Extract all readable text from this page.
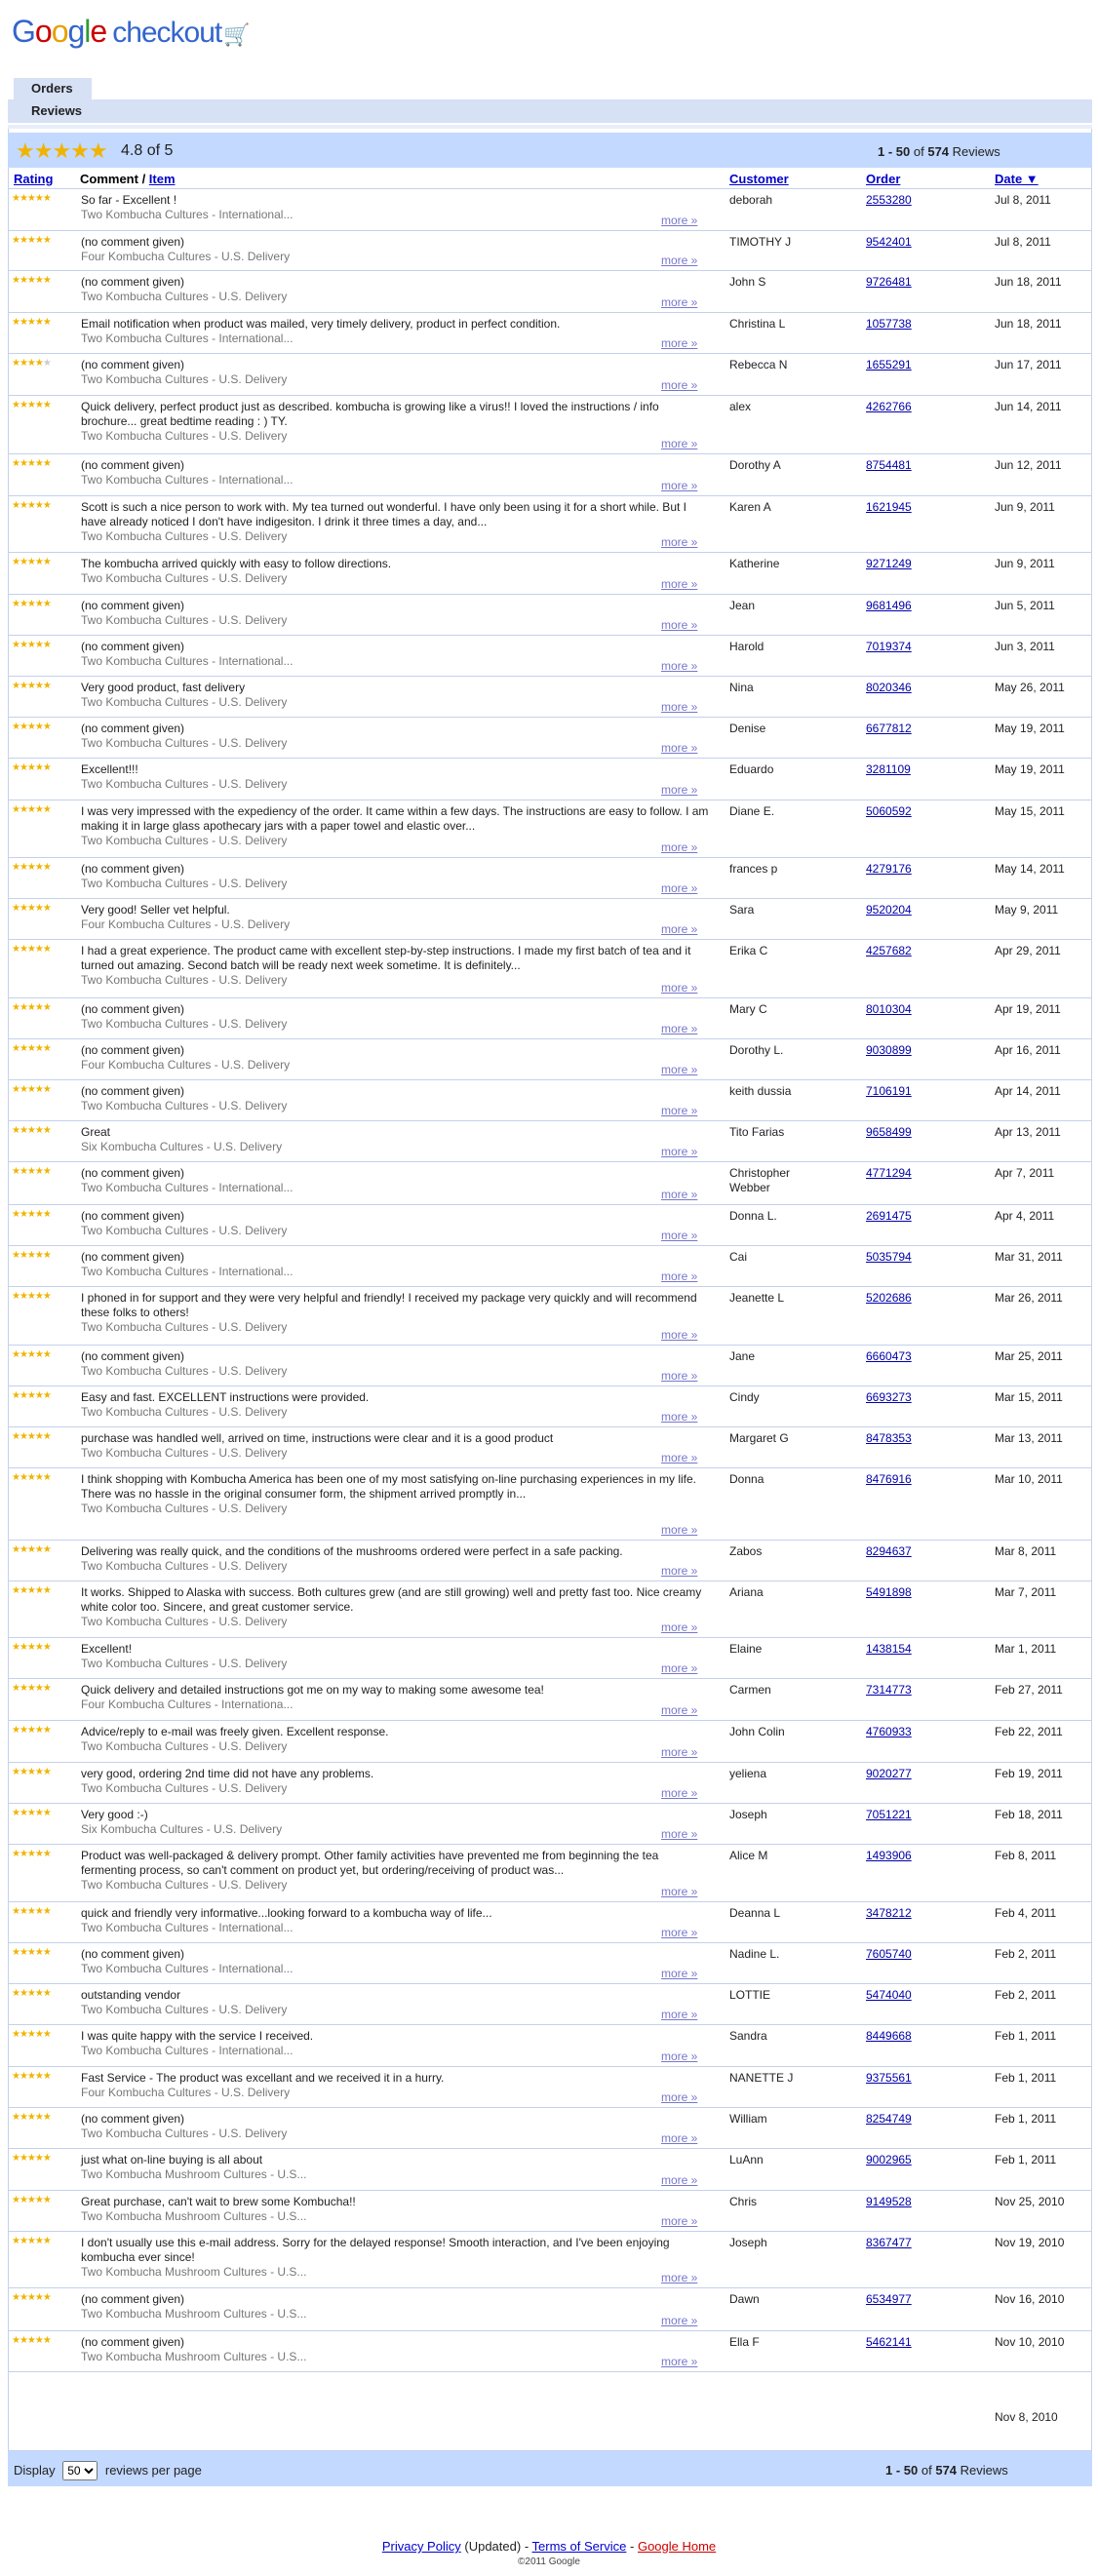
Google checkout🛒
Orders
Reviews
★★★★★ 4.8 of 5	1 - 50 of 574 Reviews
Rating Comment / Item	Customer	Order	Date ▼
★★★★★	So far - Excellent !
Two Kombucha Cultures - International...	more »
deborah	2553280	Jul 8, 2011
★★★★★	(no comment given)
Four Kombucha Cultures - U.S. Delivery	more »
TIMOTHY J	9542401	Jul 8, 2011
★★★★★	(no comment given)
Two Kombucha Cultures - U.S. Delivery	more »
John S	9726481	Jun 18, 2011
★★★★★	Email notification when product was mailed, very timely delivery, product in perfect condition.
Two Kombucha Cultures - International...	more »
Christina L	1057738	Jun 18, 2011
★★★★★	(no comment given)
Two Kombucha Cultures - U.S. Delivery	more »
Rebecca N	1655291	Jun 17, 2011
★★★★★	Quick delivery, perfect product just as described. kombucha is growing like a virus!! I loved the instructions / info brochure... great bedtime reading : ) TY.
Two Kombucha Cultures - U.S. Delivery
more »
alex	4262766	Jun 14, 2011
★★★★★	(no comment given)
Two Kombucha Cultures - International...	more »
Dorothy A	8754481	Jun 12, 2011
★★★★★	Scott is such a nice person to work with. My tea turned out wonderful. I have only been using it for a short while. But I have already noticed I don't have indigesiton. I drink it three times a day, and...
Two Kombucha Cultures - U.S. Delivery	more »
Karen A	1621945	Jun 9, 2011
★★★★★	The kombucha arrived quickly with easy to follow directions.
Two Kombucha Cultures - U.S. Delivery	more »
Katherine	9271249	Jun 9, 2011
★★★★★	(no comment given)
Two Kombucha Cultures - U.S. Delivery	more »
Jean	9681496	Jun 5, 2011
★★★★★	(no comment given)
Two Kombucha Cultures - International...	more »
Harold	7019374	Jun 3, 2011
★★★★★	Very good product, fast delivery
Two Kombucha Cultures - U.S. Delivery	more »
Nina	8020346	May 26, 2011
★★★★★	(no comment given)
Two Kombucha Cultures - U.S. Delivery	more »
Denise	6677812	May 19, 2011
★★★★★	Excellent!!!
Two Kombucha Cultures - U.S. Delivery	more »
Eduardo	3281109	May 19, 2011
★★★★★	I was very impressed with the expediency of the order. It came within a few days. The instructions are easy to follow. I am making it in large glass apothecary jars with a paper towel and elastic over...
Two Kombucha Cultures - U.S. Delivery	more »
Diane E.	5060592	May 15, 2011
★★★★★	(no comment given)
Two Kombucha Cultures - U.S. Delivery	more »
frances p	4279176	May 14, 2011
★★★★★	Very good! Seller vet helpful.
Four Kombucha Cultures - U.S. Delivery	more »
Sara	9520204	May 9, 2011
★★★★★	I had a great experience. The product came with excellent step-by-step instructions. I made my first batch of tea and it turned out amazing. Second batch will be ready next week sometime. It is definitely...
Two Kombucha Cultures - U.S. Delivery
more »
Erika C	4257682	Apr 29, 2011
★★★★★	(no comment given)
Two Kombucha Cultures - U.S. Delivery	more »
Mary C	8010304	Apr 19, 2011
★★★★★	(no comment given)
Four Kombucha Cultures - U.S. Delivery	more »
Dorothy L.	9030899	Apr 16, 2011
★★★★★	(no comment given)
Two Kombucha Cultures - U.S. Delivery	more »
keith dussia	7106191	Apr 14, 2011
★★★★★	Great
Six Kombucha Cultures - U.S. Delivery	more »
Tito Farias	9658499	Apr 13, 2011
★★★★★	(no comment given)
Two Kombucha Cultures - International...	more »
Christopher Webber
4771294	Apr 7, 2011
★★★★★	(no comment given)
Two Kombucha Cultures - U.S. Delivery	more »
Donna L.	2691475	Apr 4, 2011
★★★★★	(no comment given)
Two Kombucha Cultures - International...	more »
Cai	5035794	Mar 31, 2011
★★★★★	I phoned in for support and they were very helpful and friendly! I received my package very quickly and will recommend these folks to others!
Two Kombucha Cultures - U.S. Delivery
more »
Jeanette L	5202686	Mar 26, 2011
★★★★★	(no comment given)
Two Kombucha Cultures - U.S. Delivery	more »
Jane	6660473	Mar 25, 2011
★★★★★	Easy and fast. EXCELLENT instructions were provided.
Two Kombucha Cultures - U.S. Delivery	more »
Cindy	6693273	Mar 15, 2011
★★★★★	purchase was handled well, arrived on time, instructions were clear and it is a good product
Two Kombucha Cultures - U.S. Delivery	more »
Margaret G	8478353	Mar 13, 2011
★★★★★	I think shopping with Kombucha America has been one of my most satisfying on-line purchasing experiences in my life. There was no hassle in the original consumer form, the shipment arrived promptly in...
Two Kombucha Cultures - U.S. Delivery
more »
Donna	8476916	Mar 10, 2011
★★★★★	Delivering was really quick, and the conditions of the mushrooms ordered were perfect in a safe packing.
Two Kombucha Cultures - U.S. Delivery	more »
Zabos	8294637	Mar 8, 2011
★★★★★	It works. Shipped to Alaska with success. Both cultures grew (and are still growing) well and pretty fast too. Nice creamy white color too. Sincere, and great customer service.
Two Kombucha Cultures - U.S. Delivery	more »
Ariana	5491898	Mar 7, 2011
★★★★★	Excellent!
Two Kombucha Cultures - U.S. Delivery	more »
Elaine	1438154	Mar 1, 2011
★★★★★	Quick delivery and detailed instructions got me on my way to making some awesome tea!
Four Kombucha Cultures - Internationa...	more »
Carmen	7314773	Feb 27, 2011
★★★★★	Advice/reply to e-mail was freely given. Excellent response.
Two Kombucha Cultures - U.S. Delivery	more »
John Colin	4760933	Feb 22, 2011
★★★★★	very good, ordering 2nd time did not have any problems.
Two Kombucha Cultures - U.S. Delivery	more »
yeliena	9020277	Feb 19, 2011
★★★★★	Very good :-)
Six Kombucha Cultures - U.S. Delivery	more »
Joseph	7051221	Feb 18, 2011
★★★★★	Product was well-packaged & delivery prompt. Other family activities have prevented me from beginning the tea fermenting process, so can't comment on product yet, but ordering/receiving of product was...
Two Kombucha Cultures - U.S. Delivery	more »
Alice M	1493906	Feb 8, 2011
★★★★★	quick and friendly very informative...looking forward to a kombucha way of life...
Two Kombucha Cultures - International...	more »
Deanna L	3478212	Feb 4, 2011
★★★★★	(no comment given)
Two Kombucha Cultures - International...	more »
Nadine L.	7605740	Feb 2, 2011
★★★★★	outstanding vendor
Two Kombucha Cultures - U.S. Delivery	more »
LOTTIE	5474040	Feb 2, 2011
★★★★★	I was quite happy with the service I received.
Two Kombucha Cultures - International...	more »
Sandra	8449668	Feb 1, 2011
★★★★★	Fast Service - The product was excellant and we received it in a hurry.
Four Kombucha Cultures - U.S. Delivery	more »
NANETTE J	9375561	Feb 1, 2011
★★★★★	(no comment given)
Two Kombucha Cultures - U.S. Delivery	more »
William	8254749	Feb 1, 2011
★★★★★	just what on-line buying is all about
Two Kombucha Mushroom Cultures - U.S...	more »
LuAnn	9002965	Feb 1, 2011
★★★★★	Great purchase, can't wait to brew some Kombucha!!
Two Kombucha Mushroom Cultures - U.S...	more »
Chris	9149528	Nov 25, 2010
★★★★★	I don't usually use this e-mail address. Sorry for the delayed response! Smooth interaction, and I've been enjoying kombucha ever since!
Two Kombucha Mushroom Cultures - U.S...	more »
Joseph	8367477	Nov 19, 2010
★★★★★	(no comment given)
Two Kombucha Mushroom Cultures - U.S...	more »
Dawn	6534977	Nov 16, 2010
★★★★★	(no comment given)
Two Kombucha Mushroom Cultures - U.S...	more »
Ella F	5462141	Nov 10, 2010
Nov 8, 2010
Display
50	reviews per page	1 - 50 of 574 Reviews
Privacy Policy (Updated) - Terms of Service - Google Home
©2011 Google
